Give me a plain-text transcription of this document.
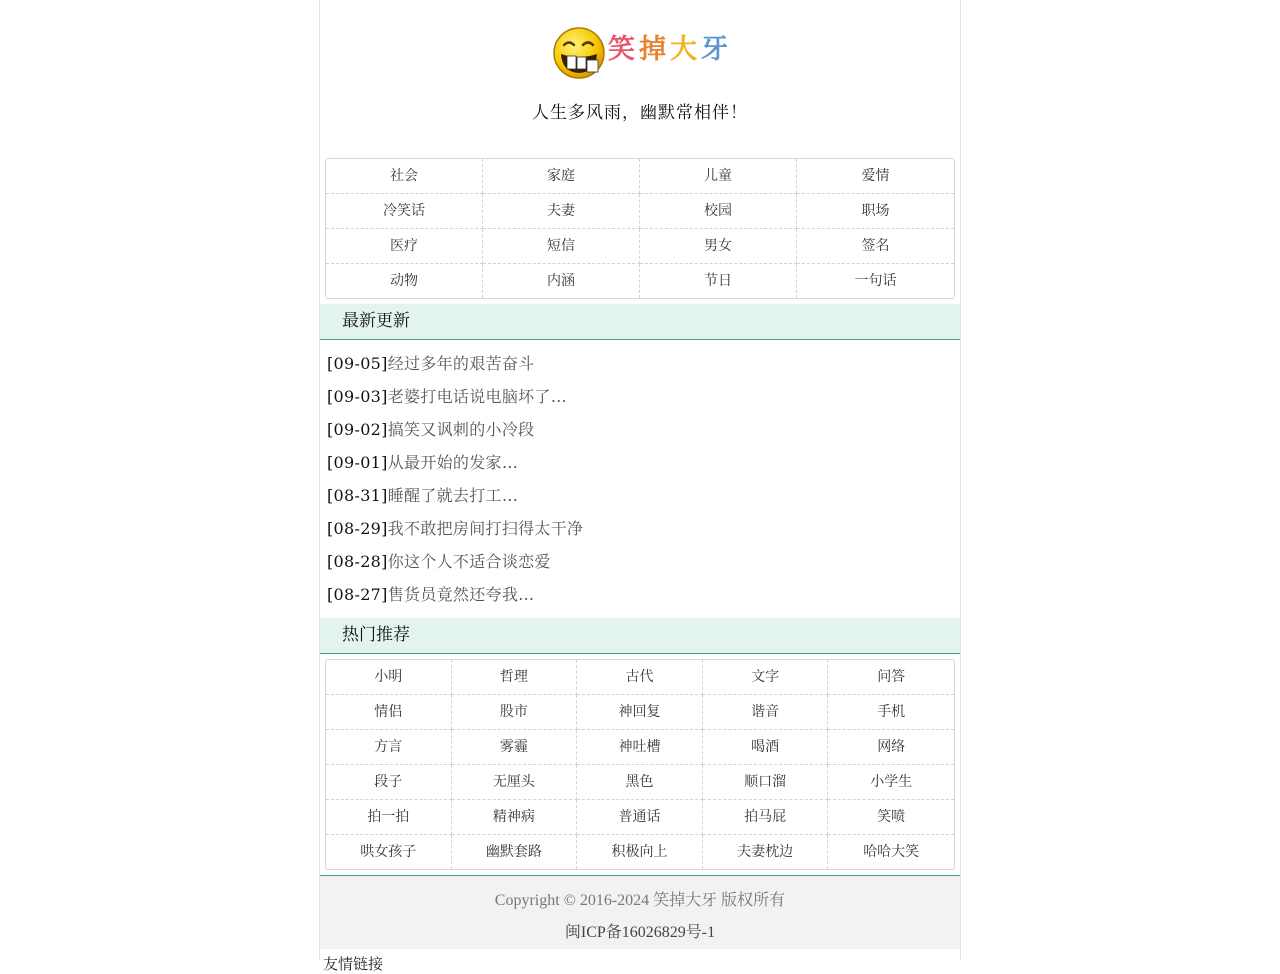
笑 掉 大 牙
人生多风雨，幽默常相伴！
社会	家庭	儿童	爱情
冷笑话	夫妻	校园	职场
医疗	短信	男女	签名
动物	内涵	节日	一句话
最新更新
[09-05]经过多年的艰苦奋斗
[09-03]老婆打电话说电脑坏了…
[09-02]搞笑又讽刺的小冷段
[09-01]从最开始的发家…
[08-31]睡醒了就去打工…
[08-29]我不敢把房间打扫得太干净
[08-28]你这个人不适合谈恋爱
[08-27]售货员竟然还夸我…
热门推荐
小明	哲理	古代	文字	问答
情侣	股市	神回复	谐音	手机
方言	雾霾	神吐槽	喝酒	网络
段子	无厘头	黑色	顺口溜	小学生
拍一拍	精神病	普通话	拍马屁	笑喷
哄女孩子	幽默套路	积极向上	夫妻枕边	哈哈大笑
Copyright © 2016-2024 笑掉大牙 版权所有
闽ICP备16026829号-1
友情链接
